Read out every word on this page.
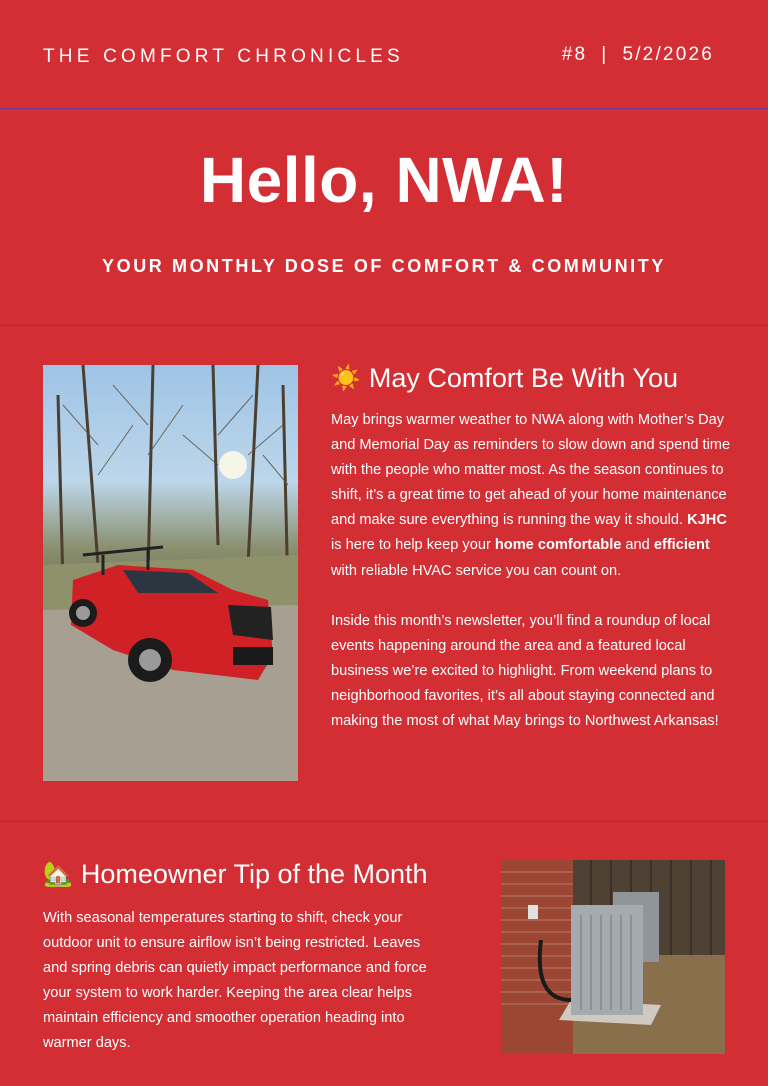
THE COMFORT CHRONICLES	#8 | 5/2/2026
Hello, NWA!
YOUR MONTHLY DOSE OF COMFORT & COMMUNITY
☀️ May Comfort Be With You

May brings warmer weather to NWA along with Mother’s Day and Memorial Day as reminders to slow down and spend time with the people who matter most. As the season continues to shift, it’s a great time to get ahead of your home maintenance and make sure everything is running the way it should. KJHC is here to help keep your home comfortable and efficient with reliable HVAC service you can count on.

Inside this month’s newsletter, you’ll find a roundup of local events happening around the area and a featured local business we’re excited to highlight. From weekend plans to neighborhood favorites, it’s all about staying connected and making the most of what May brings to Northwest Arkansas!

🏡 Homeowner Tip of the Month

With seasonal temperatures starting to shift, check your outdoor unit to ensure airflow isn’t being restricted. Leaves and spring debris can quietly impact performance and force your system to work harder. Keeping the area clear helps maintain efficiency and smoother operation heading into warmer days.
